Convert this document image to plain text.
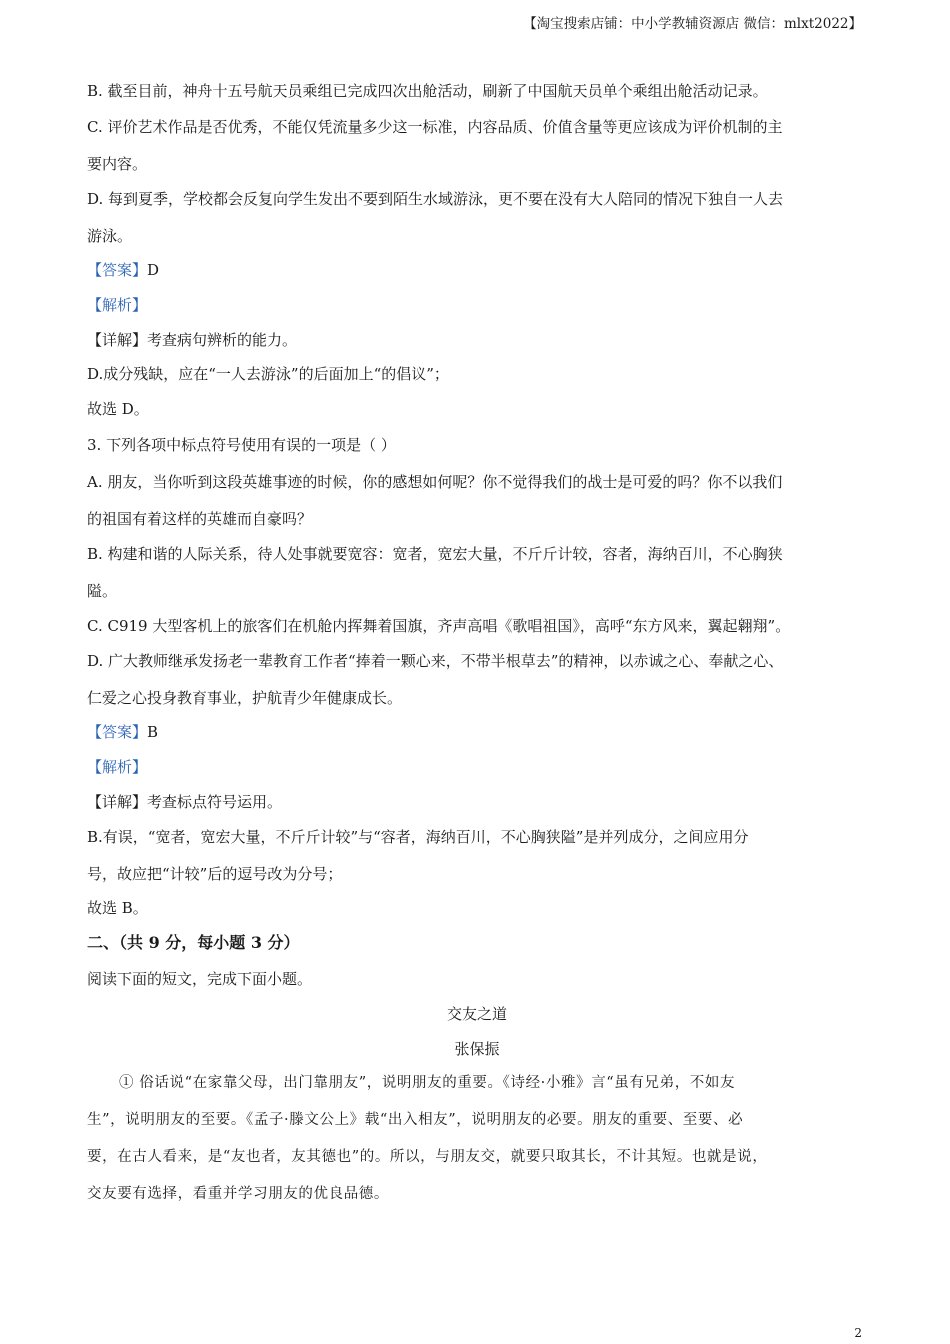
【淘宝搜索店铺：中小学教辅资源店 微信：mlxt2022】
B. 截至目前，神舟十五号航天员乘组已完成四次出舱活动，刷新了中国航天员单个乘组出舱活动记录。
C. 评价艺术作品是否优秀，不能仅凭流量多少这一标准，内容品质、价值含量等更应该成为评价机制的主
要内容。
D. 每到夏季，学校都会反复向学生发出不要到陌生水域游泳，更不要在没有大人陪同的情况下独自一人去
游泳。
【答案】D
【解析】
【详解】考查病句辨析的能力。
D.成分残缺，应在“一人去游泳”的后面加上“的倡议”；
故选 D。
3. 下列各项中标点符号使用有误的一项是（ ）
A. 朋友，当你听到这段英雄事迹的时候，你的感想如何呢？你不觉得我们的战士是可爱的吗？你不以我们
的祖国有着这样的英雄而自豪吗？
B. 构建和谐的人际关系，待人处事就要宽容：宽者，宽宏大量，不斤斤计较，容者，海纳百川，不心胸狭
隘。
C. C919 大型客机上的旅客们在机舱内挥舞着国旗，齐声高唱《歌唱祖国》，高呼“东方风来，翼起翱翔”。
D. 广大教师继承发扬老一辈教育工作者“捧着一颗心来，不带半根草去”的精神，以赤诚之心、奉献之心、
仁爱之心投身教育事业，护航青少年健康成长。
【答案】B
【解析】
【详解】考查标点符号运用。
B.有误，“宽者，宽宏大量，不斤斤计较”与“容者，海纳百川，不心胸狭隘”是并列成分，之间应用分
号，故应把“计较”后的逗号改为分号；
故选 B。
二、（共 9 分，每小题 3 分）
阅读下面的短文，完成下面小题。
交友之道
张保振
① 俗话说“在家靠父母，出门靠朋友”，说明朋友的重要。《诗经·小雅》言“虽有兄弟，不如友
生”，说明朋友的至要。《孟子·滕文公上》载“出入相友”，说明朋友的必要。朋友的重要、至要、必
要，在古人看来，是“友也者，友其德也”的。所以，与朋友交，就要只取其长，不计其短。也就是说，
交友要有选择，看重并学习朋友的优良品德。
2
